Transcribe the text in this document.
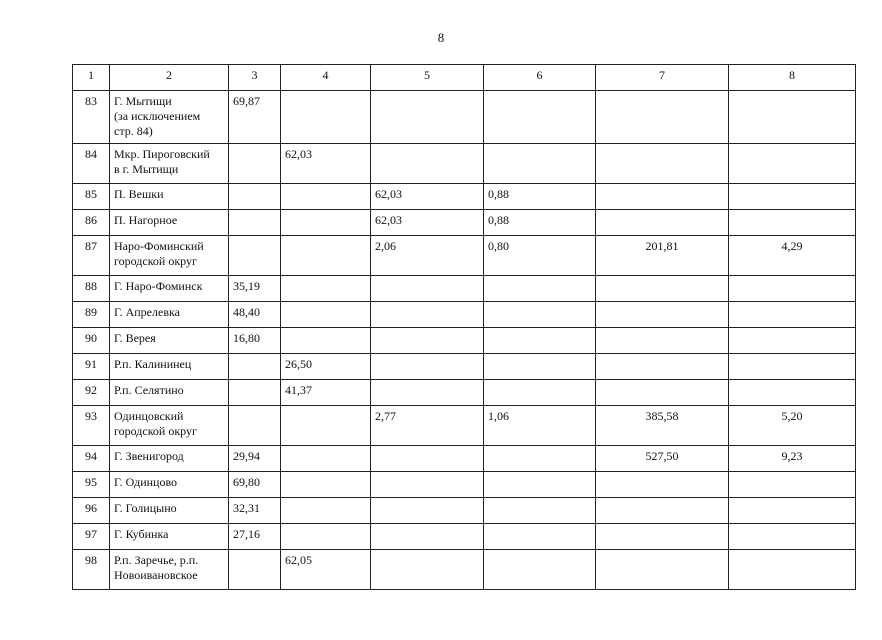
8
1	2	3	4	5	6	7	8
83	Г. Мытищи
(за исключением
стр. 84)	69,87					
84	Мкр. Пироговский
в г. Мытищи		62,03				
85	П. Вешки			62,03	0,88		
86	П. Нагорное			62,03	0,88		
87	Наро-Фоминский
городской округ			2,06	0,80	201,81	4,29
88	Г. Наро-Фоминск	35,19					
89	Г. Апрелевка	48,40					
90	Г. Верея	16,80					
91	Р.п. Калининец		26,50				
92	Р.п. Селятино		41,37				
93	Одинцовский
городской округ			2,77	1,06	385,58	5,20
94	Г. Звенигород	29,94				527,50	9,23
95	Г. Одинцово	69,80					
96	Г. Голицыно	32,31					
97	Г. Кубинка	27,16					
98	Р.п. Заречье, р.п.
Новоивановское		62,05				
